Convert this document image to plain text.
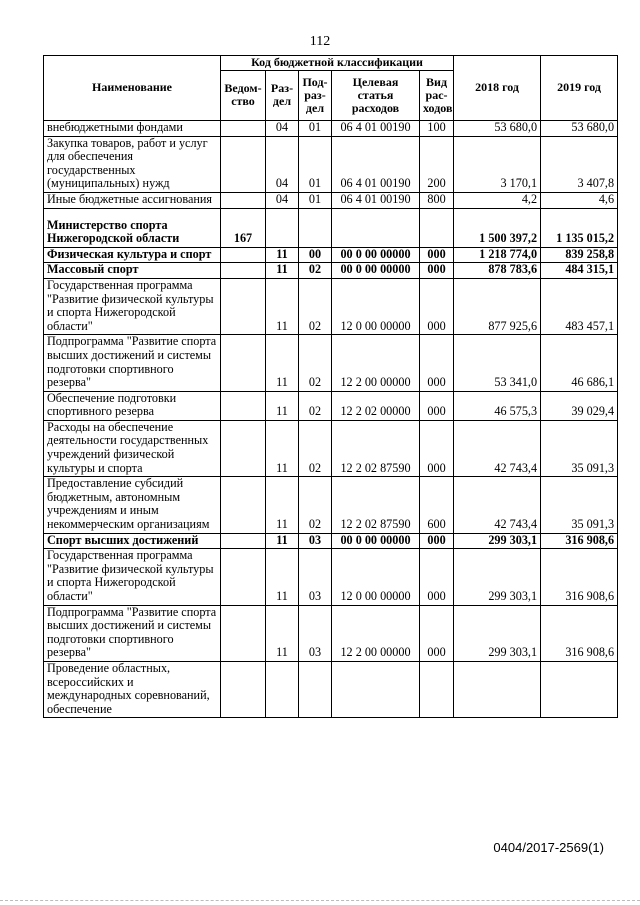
112
Наименование	Код бюджетной классификации					2018 год	2019 год
	Ведом-ство	Раз-дел	Под-раз-дел	Целевая статья расходов	Вид рас-ходов		
внебюджетными фондами		04	01	06 4 01 00190	100	53 680,0	53 680,0
Закупка товаров, работ и услуг для обеспечения государственных (муниципальных) нужд		04	01	06 4 01 00190	200	3 170,1	3 407,8
Иные бюджетные ассигнования		04	01	06 4 01 00190	800	4,2	4,6
Министерство спорта Нижегородской области	167					1 500 397,2	1 135 015,2
Физическая культура и спорт		11	00	00 0 00 00000	000	1 218 774,0	839 258,8
Массовый спорт		11	02	00 0 00 00000	000	878 783,6	484 315,1
Государственная программа "Развитие физической культуры и спорта Нижегородской области"		11	02	12 0 00 00000	000	877 925,6	483 457,1
Подпрограмма "Развитие спорта высших достижений и системы подготовки спортивного резерва"		11	02	12 2 00 00000	000	53 341,0	46 686,1
Обеспечение подготовки спортивного резерва		11	02	12 2 02 00000	000	46 575,3	39 029,4
Расходы на обеспечение деятельности государственных учреждений физической культуры и спорта		11	02	12 2 02 87590	000	42 743,4	35 091,3
Предоставление субсидий бюджетным, автономным учреждениям и иным некоммерческим организациям		11	02	12 2 02 87590	600	42 743,4	35 091,3
Спорт высших достижений		11	03	00 0 00 00000	000	299 303,1	316 908,6
Государственная программа "Развитие физической культуры и спорта Нижегородской области"		11	03	12 0 00 00000	000	299 303,1	316 908,6
Подпрограмма "Развитие спорта высших достижений и системы подготовки спортивного резерва"		11	03	12 2 00 00000	000	299 303,1	316 908,6
Проведение областных, всероссийских и международных соревнований, обеспечение							
0404/2017-2569(1)
